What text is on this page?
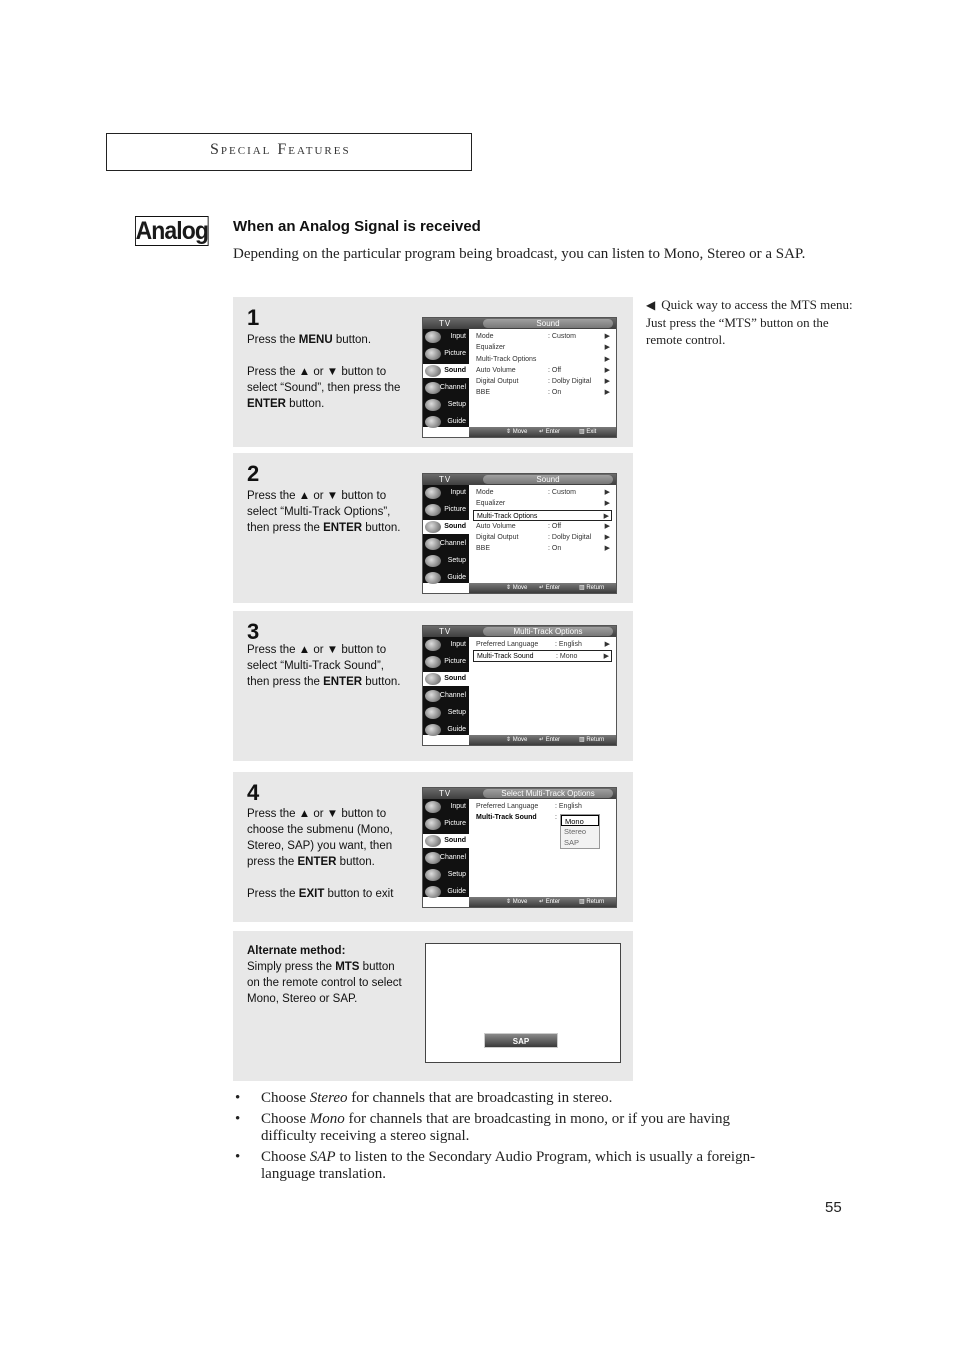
Special Features
Analog When an Analog Signal is received
Depending on the particular program being broadcast, you can listen to Mono, Stereo or a SAP.
1

Press the MENU button.

Press the ▲ or ▼ button to select “Sound”, then press the ENTER button.

TV	Sound
Input
Picture
Sound
Channel
Setup
Guide
Mode	: Custom	▶
Equalizer	▶
Multi-Track Options	▶
Auto Volume	: Off	▶
Digital Output	: Dolby Digital ▶
BBE	: On	▶
⇕ Move ↵ Enter	▥ Exit
2

Press the ▲ or ▼ button to select “Multi-Track Options”, then press the ENTER button.

TV	Sound
Input
Picture
Sound
Channel
Setup
Guide
Mode	: Custom	▶
Equalizer	▶
Multi-Track Options	▶
Auto Volume	: Off	▶
Digital Output	: Dolby Digital ▶
BBE	: On	▶
⇕ Move ↵ Enter	▥ Return
3

Press the ▲ or ▼ button to select “Multi-Track Sound”, then press the ENTER button.

TV	Multi-Track Options
Input
Picture
Sound
Channel
Setup
Guide
Preferred Language : English	▶
Multi-Track Sound	: Mono	▶
⇕ Move ↵ Enter	▥ Return
4

Press the ▲ or ▼ button to choose the submenu (Mono, Stereo, SAP) you want, then press the ENTER button.

Press the EXIT button to exit

TV	Select Multi-Track Options
Input
Picture
Sound
Channel
Setup
Guide
Preferred Language : English
Multi-Track Sound	:	Mono
Stereo
SAP
⇕ Move ↵ Enter	▥ Return
Alternate method:
Simply press the MTS button on the remote control to select Mono, Stereo or SAP.
SAP
◀ Quick way to access the MTS menu: Just press the “MTS” button on the remote control.
• Choose Stereo for channels that are broadcasting in stereo.
• Choose Mono for channels that are broadcasting in mono, or if you are having difficulty receiving a stereo signal.
• Choose SAP to listen to the Secondary Audio Program, which is usually a foreign-language translation.
55
